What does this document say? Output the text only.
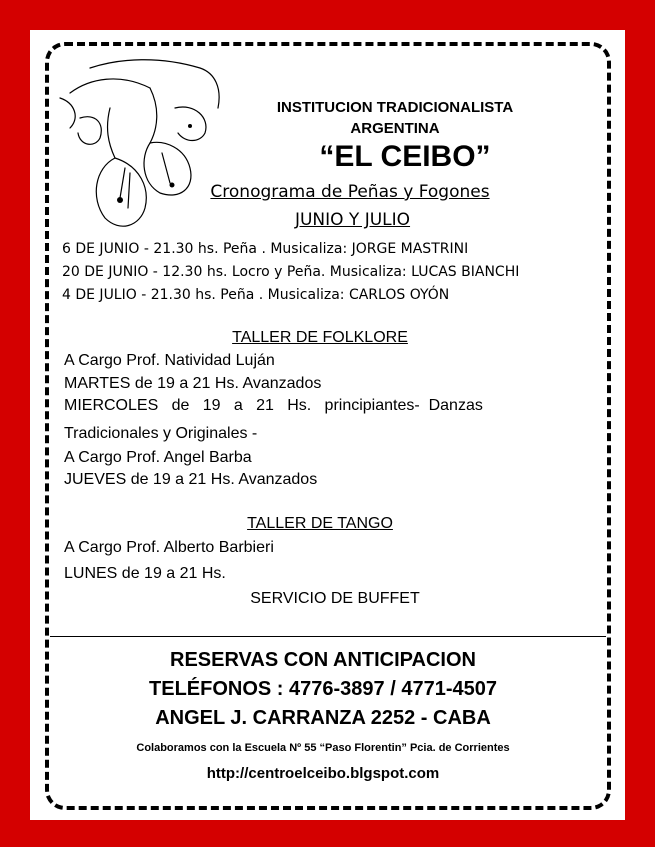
INSTITUCION TRADICIONALISTA
ARGENTINA
“EL CEIBO”
Cronograma de Peñas y Fogones
JUNIO Y JULIO
6 DE JUNIO - 21.30 hs. Peña . Musicaliza: JORGE MASTRINI
20 DE JUNIO - 12.30 hs. Locro y Peña. Musicaliza: LUCAS BIANCHI
4 DE JULIO - 21.30 hs. Peña . Musicaliza: CARLOS OYÓN
TALLER DE FOLKLORE
A Cargo Prof. Natividad Luján
MARTES de 19 a 21 Hs. Avanzados
MIERCOLES   de   19   a   21   Hs.   principiantes-  Danzas
Tradicionales y Originales -
A Cargo Prof. Angel Barba
JUEVES de 19 a 21 Hs. Avanzados
TALLER DE TANGO
A Cargo Prof. Alberto Barbieri
LUNES de 19 a 21 Hs.
SERVICIO DE BUFFET
RESERVAS CON ANTICIPACION
TELÉFONOS : 4776-3897 / 4771-4507
ANGEL J. CARRANZA 2252 - CABA
Colaboramos con la Escuela Nº 55 “Paso Florentin” Pcia. de Corrientes
http://centroelceibo.blgspot.com
